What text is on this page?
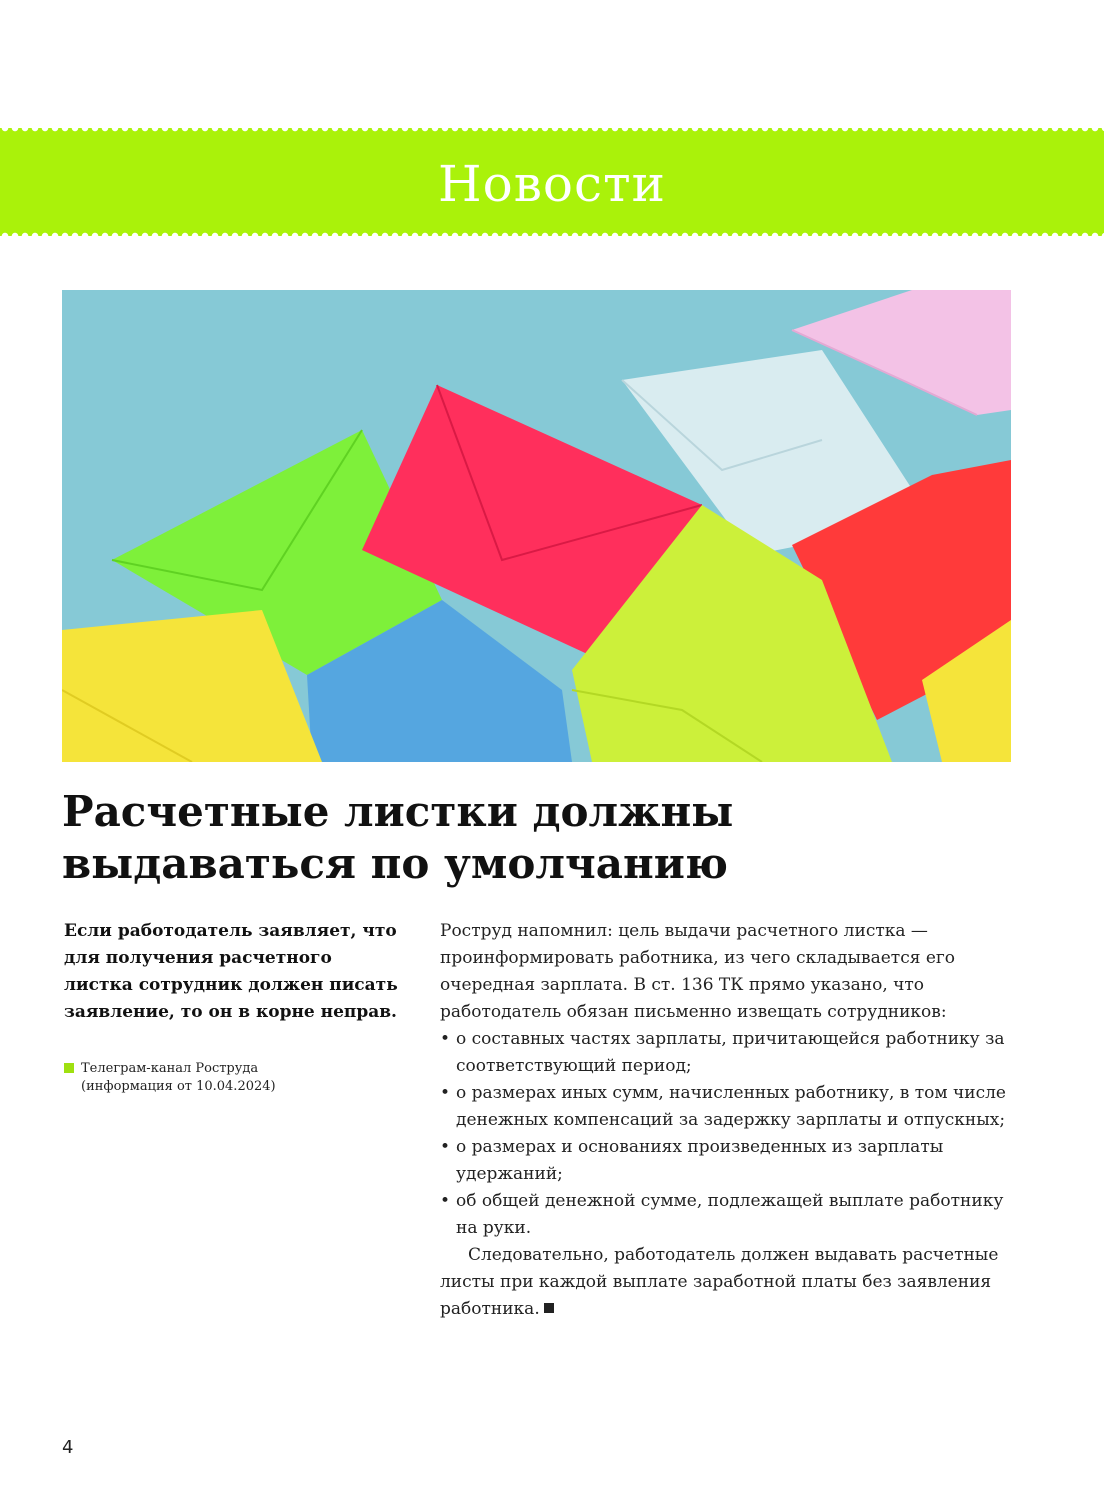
Новости
Расчетные листки должны выдаваться по умолчанию

Если работодатель заявляет, что для получения расчетного листка сотрудник должен писать заявление, то он в корне неправ.

Телеграм-канал Роструда
(информация от 10.04.2024)

Роструд напомнил: цель выдачи расчетного листка — проинформировать работника, из чего складывается его очередная зарплата. В ст. 136 ТК прямо указано, что работодатель обязан письменно извещать сотрудников:

• о составных частях зарплаты, причитающейся работнику за соответствующий период;
• о размерах иных сумм, начисленных работнику, в том числе денежных компенсаций за задержку зарплаты и отпускных;
• о размерах и основаниях произведенных из зарплаты удержаний;
• об общей денежной сумме, подлежащей выплате работнику на руки.

Следовательно, работодатель должен выдавать расчетные листы при каждой выплате заработной платы без заявления работника.

4
